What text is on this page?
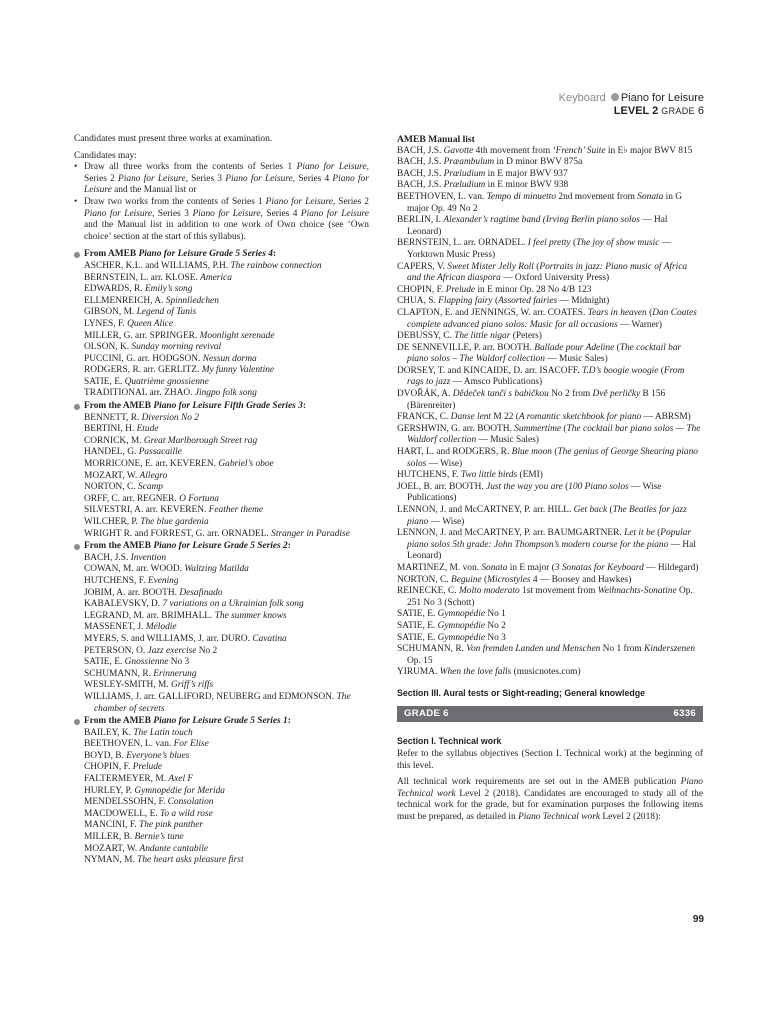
Keyboard Piano for Leisure
LEVEL 2 GRADE 6
Candidates must present three works at examination.
Candidates may:
• Draw all three works from the contents of Series 1 Piano for Leisure, Series 2 Piano for Leisure, Series 3 Piano for Leisure, Series 4 Piano for Leisure and the Manual list or
• Draw two works from the contents of Series 1 Piano for Leisure, Series 2 Piano for Leisure, Series 3 Piano for Leisure, Series 4 Piano for Leisure and the Manual list in addition to one work of Own choice (see ‘Own choice’ section at the start of this syllabus).
From AMEB Piano for Leisure Grade 5 Series 4:
ASCHER, K.L. and WILLIAMS, P.H. The rainbow connection
BERNSTEIN, L. arr. KLOSE. America
EDWARDS, R. Emily’s song
ELLMENREICH, A. Spinnliedchen
GIBSON, M. Legend of Tanis
LYNES, F. Queen Alice
MILLER, G. arr. SPRINGER. Moonlight serenade
OLSON, K. Sunday morning revival
PUCCINI, G. arr. HODGSON. Nessun dorma
RODGERS, R. arr. GERLITZ. My funny Valentine
SATIE, E. Quatrième gnossienne
TRADITIONAL arr. ZHAO. Jingpo folk song
From the AMEB Piano for Leisure Fifth Grade Series 3:
BENNETT, R. Diversion No 2
BERTINI, H. Etude
CORNICK, M. Great Marlborough Street rag
HANDEL, G. Passacaille
MORRICONE, E. arr. KEVEREN. Gabriel’s oboe
MOZART, W. Allegro
NORTON, C. Scamp
ORFF, C. arr. REGNER. O Fortuna
SILVESTRI, A. arr. KEVEREN. Feather theme
WILCHER, P. The blue gardenia
WRIGHT R. and FORREST, G. arr. ORNADEL. Stranger in Paradise
From the AMEB Piano for Leisure Grade 5 Series 2:
BACH, J.S. Invention
COWAN, M. arr. WOOD. Waltzing Matilda
HUTCHENS, F. Evening
JOBIM, A. arr. BOOTH. Desafinado
KABALEVSKY, D. 7 variations on a Ukrainian folk song
LEGRAND, M. arr. BRIMHALL. The summer knows
MASSENET, J. Mélodie
MYERS, S. and WILLIAMS, J. arr. DURO. Cavatina
PETERSON, O. Jazz exercise No 2
SATIE, E. Gnossienne No 3
SCHUMANN, R. Erinnerung
WESLEY-SMITH, M. Griff’s riffs
WILLIAMS, J. arr. GALLIFORD, NEUBERG and EDMONSON. The chamber of secrets
From the AMEB Piano for Leisure Grade 5 Series 1:
BAILEY, K. The Latin touch
BEETHOVEN, L. van. For Elise
BOYD, B. Everyone’s blues
CHOPIN, F. Prelude
FALTERMEYER, M. Axel F
HURLEY, P. Gymnopédie for Merida
MENDELSSOHN, F. Consolation
MACDOWELL, E. To a wild rose
MANCINI, F. The pink panther
MILLER, B. Bernie’s tune
MOZART, W. Andante cantabile
NYMAN, M. The heart asks pleasure first
AMEB Manual list
BACH, J.S. Gavotte 4th movement from ‘French’ Suite in E♭ major BWV 815
BACH, J.S. Præambulum in D minor BWV 875a
BACH, J.S. Præludium in E major BWV 937
BACH, J.S. Præludium in E minor BWV 938
BEETHOVEN, L. van. Tempo di minuetto 2nd movement from Sonata in G major Op. 49 No 2
BERLIN, I. Alexander’s ragtime band (Irving Berlin piano solos — Hal Leonard)
BERNSTEIN, L. arr. ORNADEL. I feel pretty (The joy of show music — Yorktown Music Press)
CAPERS, V. Sweet Mister Jelly Roll (Portraits in jazz: Piano music of Africa and the African diaspora — Oxford University Press)
CHOPIN, F. Prelude in E minor Op. 28 No 4/B 123
CHUA, S. Flapping fairy (Assorted fairies — Midnight)
CLAPTON, E. and JENNINGS, W. arr. COATES. Tears in heaven (Dan Coates complete advanced piano solos: Music for all occasions — Warner)
DEBUSSY, C. The little nigar (Peters)
DE SENNEVILLE, P. arr. BOOTH. Ballade pour Adeline (The cocktail bar piano solos – The Waldorf collection — Music Sales)
DORSEY, T. and KINCAIDE, D. arr. ISACOFF. T.D’s boogie woogie (From rags to jazz — Amsco Publications)
DVOŘÁK, A. Dědeček tančí s babičkou No 2 from Dvě perličky B 156 (Bärenreiter)
FRANCK, C. Danse lent M 22 (A romantic sketchbook for piano — ABRSM)
GERSHWIN, G. arr. BOOTH. Summertime (The cocktail bar piano solos — The Waldorf collection — Music Sales)
HART, L. and RODGERS, R. Blue moon (The genius of George Shearing piano solos — Wise)
HUTCHENS, F. Two little birds (EMI)
JOEL, B. arr. BOOTH. Just the way you are (100 Piano solos — Wise Publications)
LENNON, J. and McCARTNEY, P. arr. HILL. Get back (The Beatles for jazz piano — Wise)
LENNON, J. and McCARTNEY, P. arr. BAUMGARTNER. Let it be (Popular piano solos 5th grade: John Thompson’s modern course for the piano — Hal Leonard)
MARTINEZ, M. von. Sonata in E major (3 Sonatas for Keyboard — Hildegard)
NORTON, C. Beguine (Microstyles 4 — Boosey and Hawkes)
REINECKE, C. Molto moderato 1st movement from Weihnachts-Sonatine Op. 251 No 3 (Schott)
SATIE, E. Gymnopédie No 1
SATIE, E. Gymnopédie No 2
SATIE, E. Gymnopédie No 3
SCHUMANN, R. Von fremden Landen und Menschen No 1 from Kinderszenen Op. 15
YIRUMA. When the love falls (musicnotes.com)
Section III. Aural tests or Sight-reading; General knowledge
GRADE 6	6336
Section I. Technical work
Refer to the syllabus objectives (Section I. Technical work) at the beginning of this level.
All technical work requirements are set out in the AMEB publication Piano Technical work Level 2 (2018). Candidates are encouraged to study all of the technical work for the grade, but for examination purposes the following items must be prepared, as detailed in Piano Technical work Level 2 (2018):
99
